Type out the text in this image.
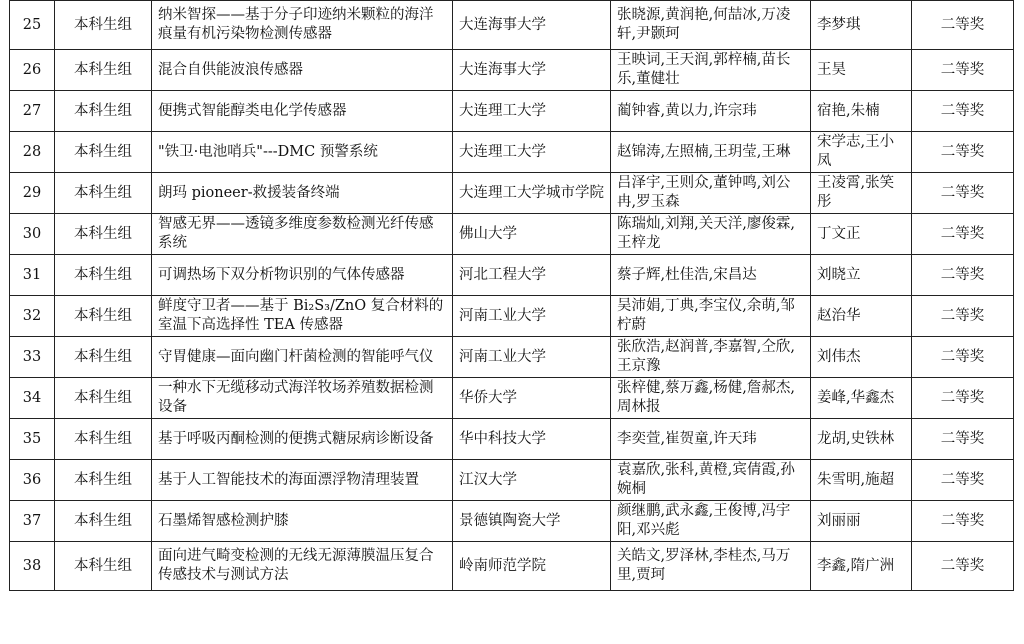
25	本科生组	纳米智探——基于分子印迹纳米颗粒的海洋痕量有机污染物检测传感器	大连海事大学	张晓源,黄润艳,何喆冰,万凌轩,尹颢珂	李梦琪	二等奖
26	本科生组	混合自供能波浪传感器	大连海事大学	王映词,王天润,郭梓楠,苗长乐,董健壮	王昊	二等奖
27	本科生组	便携式智能醇类电化学传感器	大连理工大学	蔺钟睿,黄以力,许宗玮	宿艳,朱楠	二等奖
28	本科生组	"铁卫·电池哨兵"---DMC 预警系统	大连理工大学	赵锦涛,左照楠,王玥莹,王琳	宋学志,王小凤	二等奖
29	本科生组	朗玛 pioneer-救援装备终端	大连理工大学城市学院	吕泽宇,王则众,董钟鸣,刘公冉,罗玉森	王凌霄,张笑彤	二等奖
30	本科生组	智感无界——透镜多维度参数检测光纤传感系统	佛山大学	陈瑞灿,刘翔,关天洋,廖俊霖,王梓龙	丁文正	二等奖
31	本科生组	可调热场下双分析物识别的气体传感器	河北工程大学	蔡子辉,杜佳浩,宋昌达	刘晓立	二等奖
32	本科生组	鲜度守卫者——基于 Bi₂S₃/ZnO 复合材料的室温下高选择性 TEA 传感器	河南工业大学	吴沛娟,丁典,李宝仪,余萌,邹柠蔚	赵治华	二等奖
33	本科生组	守胃健康—面向幽门杆菌检测的智能呼气仪	河南工业大学	张欣浩,赵润普,李嘉智,仝欣,王京豫	刘伟杰	二等奖
34	本科生组	一种水下无缆移动式海洋牧场养殖数据检测设备	华侨大学	张梓健,蔡万鑫,杨健,詹郝杰,周林报	姜峰,华鑫杰	二等奖
35	本科生组	基于呼吸丙酮检测的便携式糖尿病诊断设备	华中科技大学	李奕萱,崔贺童,许天玮	龙胡,史铁林	二等奖
36	本科生组	基于人工智能技术的海面漂浮物清理装置	江汉大学	袁嘉欣,张科,黄橙,宾倩霞,孙婉桐	朱雪明,施超	二等奖
37	本科生组	石墨烯智感检测护膝	景德镇陶瓷大学	颜继鹏,武永鑫,王俊博,冯宇阳,邓兴彪	刘丽丽	二等奖
38	本科生组	面向进气畸变检测的无线无源薄膜温压复合传感技术与测试方法	岭南师范学院	关皓文,罗泽林,李桂杰,马万里,贾珂	李鑫,隋广洲	二等奖
